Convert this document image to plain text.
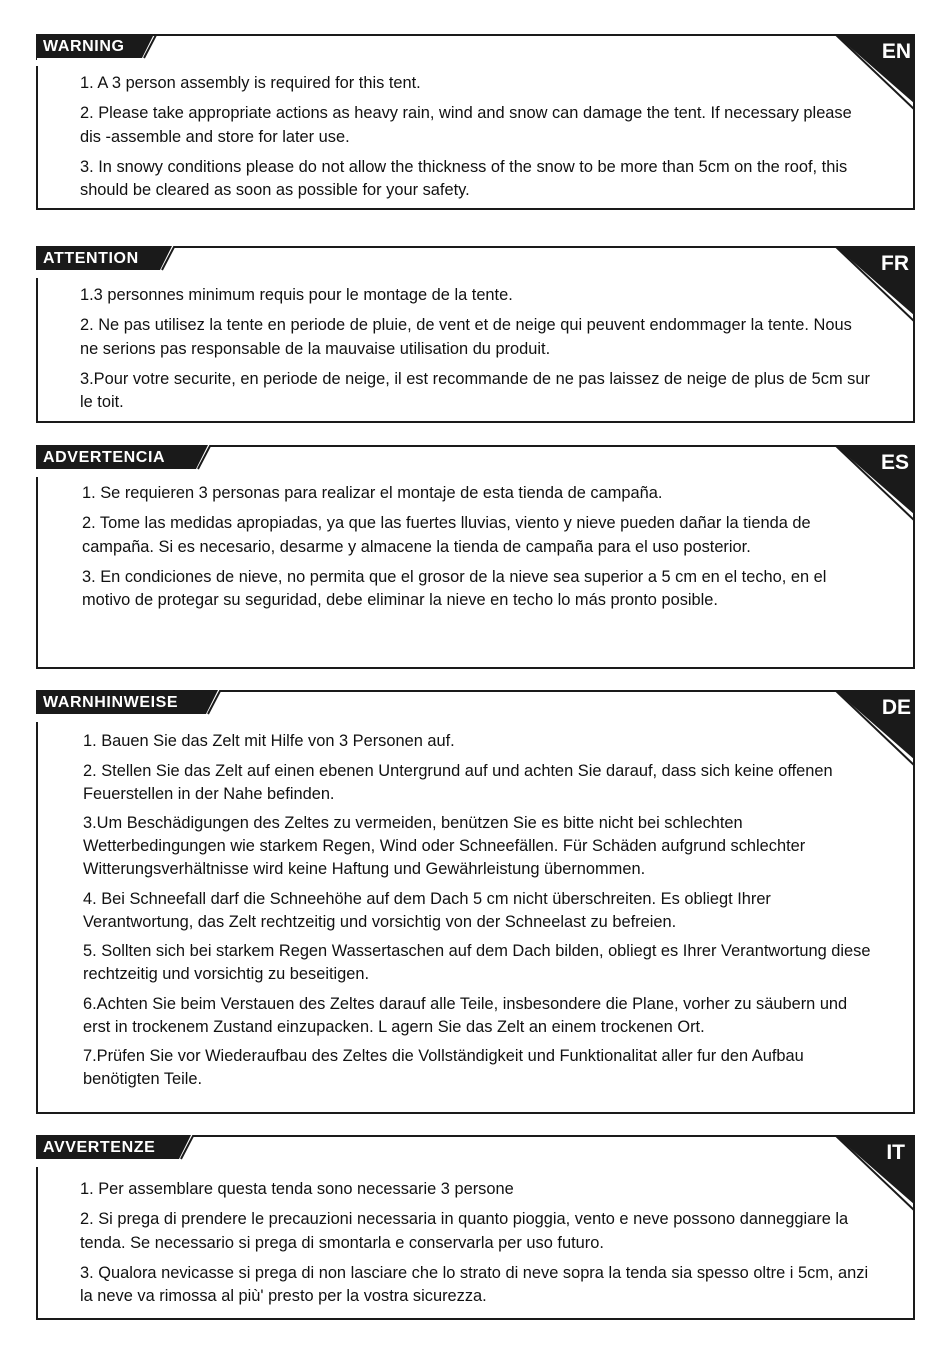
WARNING	EN

1. A 3 person assembly is required for this tent.

2. Please take appropriate actions as heavy rain, wind and snow can damage the tent. If necessary please dis -assemble and store for later use.

3. In snowy conditions please do not allow the thickness of the snow to be more than 5cm on the roof, this should be cleared as soon as possible for your safety.

ATTENTION	FR

1.3 personnes minimum requis pour le montage de la tente.

2. Ne pas utilisez la tente en periode de pluie, de vent et de neige qui peuvent endommager la tente. Nous ne serions pas responsable de la mauvaise utilisation du produit.

3.Pour votre securite, en periode de neige, il est recommande de ne pas laissez de neige de plus de 5cm sur le toit.

ADVERTENCIA	ES

1. Se requieren 3 personas para realizar el montaje de esta tienda de campaña.

2. Tome las medidas apropiadas, ya que las fuertes lluvias, viento y nieve pueden dañar la tienda de campaña. Si es necesario, desarme y almacene la tienda de campaña para el uso posterior.

3. En condiciones de nieve, no permita que el grosor de la nieve sea superior a 5 cm en el techo, en el motivo de protegar su seguridad, debe eliminar la nieve en techo lo más pronto posible.

WARNHINWEISE	DE

1. Bauen Sie das Zelt mit Hilfe von 3 Personen auf.

2. Stellen Sie das Zelt auf einen ebenen Untergrund auf und achten Sie darauf, dass sich keine offenen Feuerstellen in der Nahe befinden.

3.Um Beschädigungen des Zeltes zu vermeiden, benützen Sie es bitte nicht bei schlechten Wetterbedingungen wie starkem Regen, Wind oder Schneefällen. Für Schäden aufgrund schlechter Witterungsverhältnisse wird keine Haftung und Gewährleistung übernommen.

4. Bei Schneefall darf die Schneehöhe auf dem Dach 5 cm nicht überschreiten. Es obliegt Ihrer Verantwortung, das Zelt rechtzeitig und vorsichtig von der Schneelast zu befreien.

5. Sollten sich bei starkem Regen Wassertaschen auf dem Dach bilden, obliegt es Ihrer Verantwortung diese rechtzeitig und vorsichtig zu beseitigen.

6.Achten Sie beim Verstauen des Zeltes darauf alle Teile, insbesondere die Plane, vorher zu säubern und erst in trockenem Zustand einzupacken. L agern Sie das Zelt an einem trockenen Ort.

7.Prüfen Sie vor Wiederaufbau des Zeltes die Vollständigkeit und Funktionalitat aller fur den Aufbau benötigten Teile.

AVVERTENZE	IT

1. Per assemblare questa tenda sono necessarie 3 persone

2. Si prega di prendere le precauzioni necessaria in quanto pioggia, vento e neve possono danneggiare la tenda. Se necessario si prega di smontarla e conservarla per uso futuro.

3. Qualora nevicasse si prega di non lasciare che lo strato di neve sopra la tenda sia spesso oltre i 5cm, anzi la neve va rimossa al più' presto per la vostra sicurezza.
